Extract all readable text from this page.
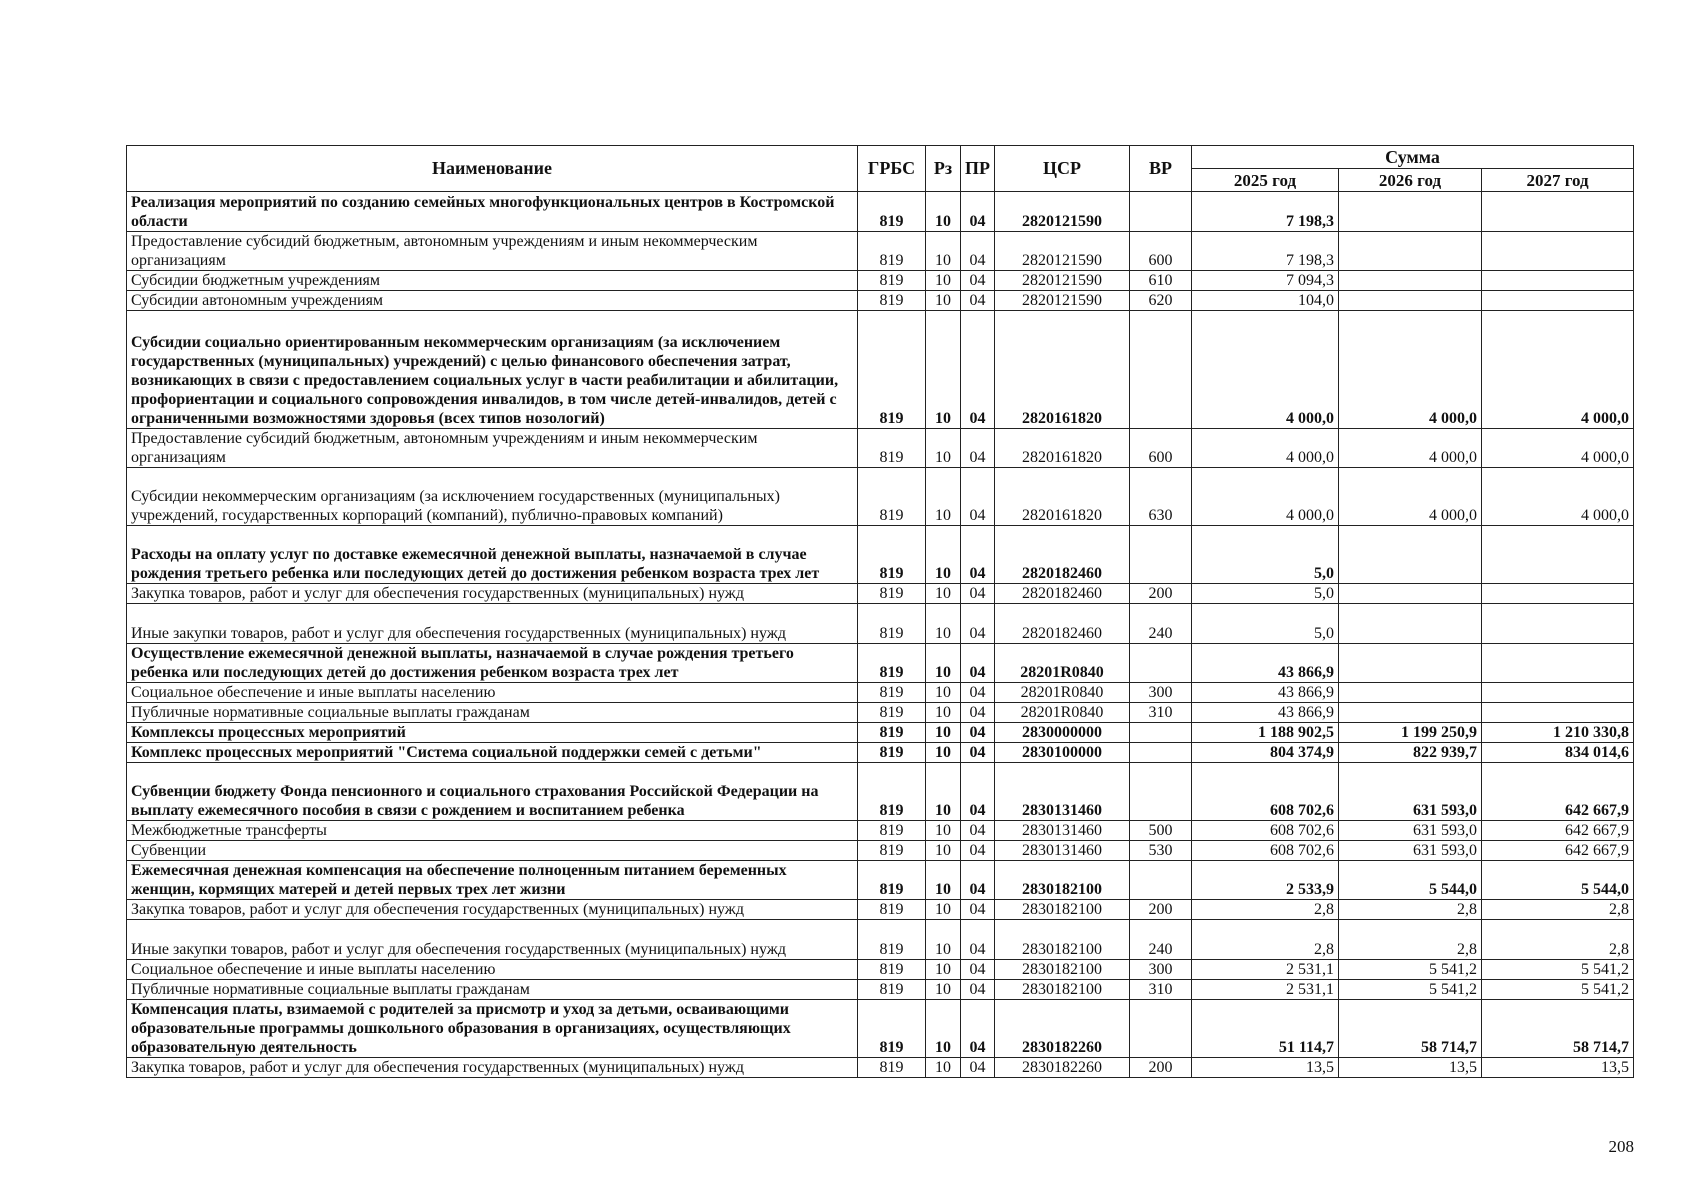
Наименование	ГРБС	Рз	ПР	ЦСР	ВР	Сумма		
						2025 год	2026 год	2027 год
Реализация мероприятий по созданию семейных многофункциональных центров в Костромской области	819	10	04	2820121590		7 198,3		
Предоставление субсидий бюджетным, автономным учреждениям и иным некоммерческим организациям	819	10	04	2820121590	600	7 198,3		
Субсидии бюджетным учреждениям	819	10	04	2820121590	610	7 094,3		
Субсидии автономным учреждениям	819	10	04	2820121590	620	104,0		
Субсидии социально ориентированным некоммерческим организациям (за исключением государственных (муниципальных) учреждений) с целью финансового обеспечения затрат, возникающих в связи с предоставлением социальных услуг в части реабилитации и абилитации, профориентации и социального сопровождения инвалидов, в том числе детей-инвалидов, детей с ограниченными возможностями здоровья (всех типов нозологий)	819	10	04	2820161820		4 000,0	4 000,0	4 000,0
Предоставление субсидий бюджетным, автономным учреждениям и иным некоммерческим организациям	819	10	04	2820161820	600	4 000,0	4 000,0	4 000,0
Субсидии некоммерческим организациям (за исключением государственных (муниципальных) учреждений, государственных корпораций (компаний), публично-правовых компаний)	819	10	04	2820161820	630	4 000,0	4 000,0	4 000,0
Расходы на оплату услуг по доставке ежемесячной денежной выплаты, назначаемой в случае рождения третьего ребенка или последующих детей до достижения ребенком возраста трех лет	819	10	04	2820182460		5,0		
Закупка товаров, работ и услуг для обеспечения государственных (муниципальных) нужд	819	10	04	2820182460	200	5,0		
Иные закупки товаров, работ и услуг для обеспечения государственных (муниципальных) нужд	819	10	04	2820182460	240	5,0		
Осуществление ежемесячной денежной выплаты, назначаемой в случае рождения третьего ребенка или последующих детей до достижения ребенком возраста трех лет	819	10	04	28201R0840		43 866,9		
Социальное обеспечение и иные выплаты населению	819	10	04	28201R0840	300	43 866,9		
Публичные нормативные социальные выплаты гражданам	819	10	04	28201R0840	310	43 866,9		
Комплексы процессных мероприятий	819	10	04	2830000000		1 188 902,5	1 199 250,9	1 210 330,8
Комплекс процессных мероприятий "Система социальной поддержки семей с детьми"	819	10	04	2830100000		804 374,9	822 939,7	834 014,6
Субвенции бюджету Фонда пенсионного и социального страхования Российской Федерации на выплату ежемесячного пособия в связи с рождением и воспитанием ребенка	819	10	04	2830131460		608 702,6	631 593,0	642 667,9
Межбюджетные трансферты	819	10	04	2830131460	500	608 702,6	631 593,0	642 667,9
Субвенции	819	10	04	2830131460	530	608 702,6	631 593,0	642 667,9
Ежемесячная денежная компенсация на обеспечение полноценным питанием беременных женщин, кормящих матерей и детей первых трех лет жизни	819	10	04	2830182100		2 533,9	5 544,0	5 544,0
Закупка товаров, работ и услуг для обеспечения государственных (муниципальных) нужд	819	10	04	2830182100	200	2,8	2,8	2,8
Иные закупки товаров, работ и услуг для обеспечения государственных (муниципальных) нужд	819	10	04	2830182100	240	2,8	2,8	2,8
Социальное обеспечение и иные выплаты населению	819	10	04	2830182100	300	2 531,1	5 541,2	5 541,2
Публичные нормативные социальные выплаты гражданам	819	10	04	2830182100	310	2 531,1	5 541,2	5 541,2
Компенсация платы, взимаемой с родителей за присмотр и уход за детьми, осваивающими образовательные программы дошкольного образования в организациях, осуществляющих образовательную деятельность	819	10	04	2830182260		51 114,7	58 714,7	58 714,7
Закупка товаров, работ и услуг для обеспечения государственных (муниципальных) нужд	819	10	04	2830182260	200	13,5	13,5	13,5
208
